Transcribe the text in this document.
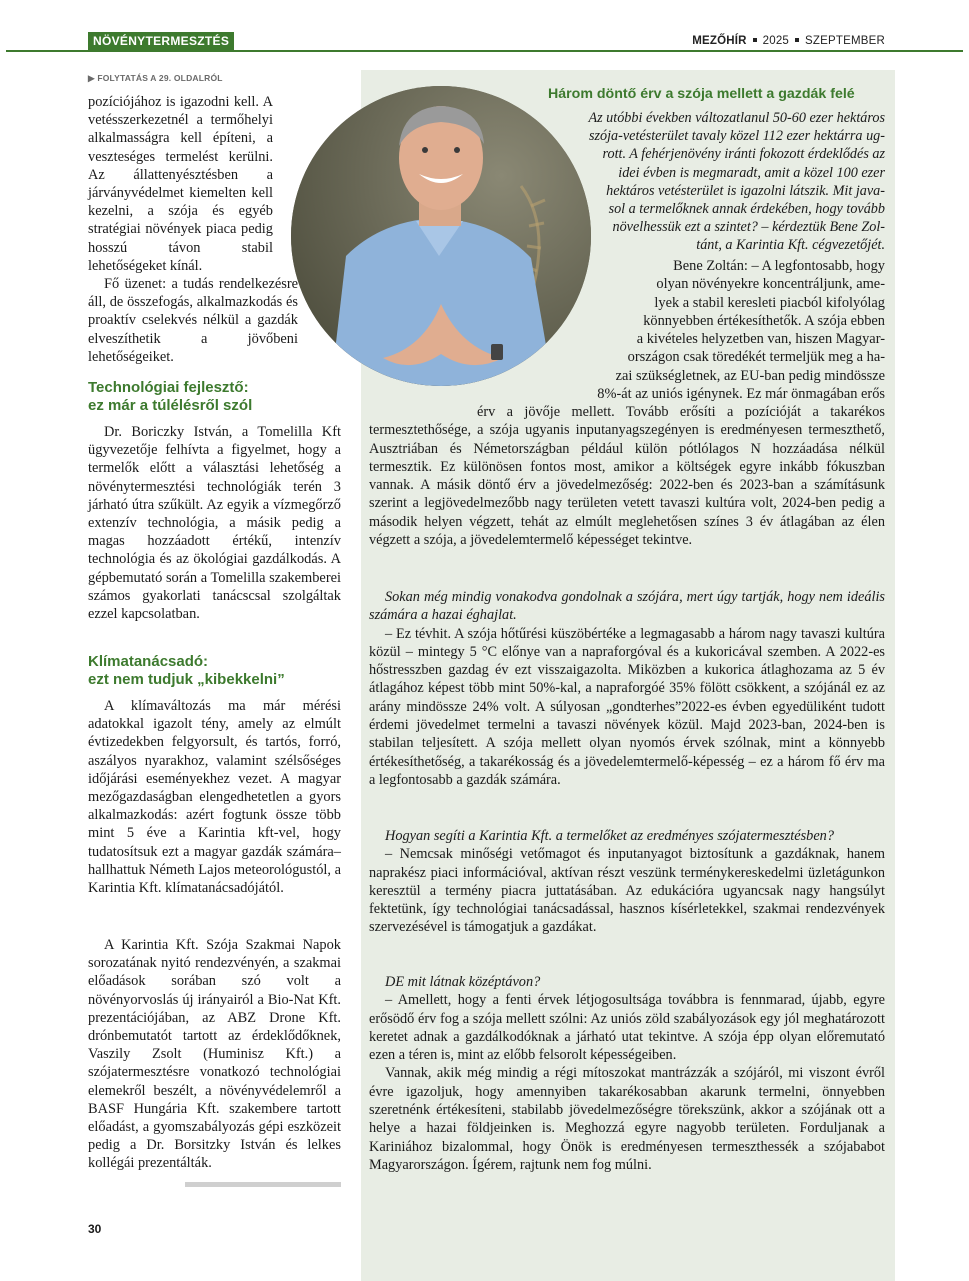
NÖVÉNYTERMESZTÉS	MEZŐHÍR 2025 SZEPTEMBER
▶ FOLYTATÁS A 29. OLDALRÓL

pozíciójához is igazodni kell. A vetésszerkezetnél a termőhelyi alkalmasságra kell építeni, a veszteséges termelést kerülni. Az állattenyésztésben a járványvédelmet kiemelten kell kezelni, a szója és egyéb stratégiai növények piaca pedig hosszú távon stabil lehetőségeket kínál.

Fő üzenet: a tudás rendelkezésre áll, de összefogás, alkalmazkodás és proaktív cselekvés nélkül a gazdák elveszíthetik a jövőbeni lehetőségeiket.

Technológiai fejlesztő:
ez már a túlélésről szól

Dr. Boriczky István, a Tomelilla Kft ügyvezetője felhívta a figyelmet, hogy a termelők előtt a választási lehetőség a növénytermesztési technológiák terén 3 járható útra szűkült. Az egyik a vízmegőrző extenzív technológia, a másik pedig a magas hozzáadott értékű, intenzív technológia és az ökológiai gazdálkodás. A gépbemutató során a Tomelilla szakemberei számos gyakorlati tanácscsal szolgáltak ezzel kapcsolatban.

Klímatanácsadó:
ezt nem tudjuk „kibekkelni”

A klímaváltozás ma már mérési adatokkal igazolt tény, amely az elmúlt évtizedekben felgyorsult, és tartós, forró, aszályos nyarakhoz, valamint szélsőséges időjárási eseményekhez vezet. A magyar mezőgazdaságban elengedhetetlen a gyors alkalmazkodás: azért fogtunk össze több mint 5 éve a Karintia kft-vel, hogy tudatosítsuk ezt a magyar gazdák számára– hallhattuk Németh Lajos meteorológustól, a Karintia Kft. klímatanácsadójától.

A Karintia Kft. Szója Szakmai Napok sorozatának nyitó rendezvényén, a szakmai előadások sorában szó volt a növényorvoslás új irányairól a Bio-Nat Kft. prezentációjában, az ABZ Drone Kft. drónbemutatót tartott az érdeklődőknek, Vaszily Zsolt (Huminisz Kft.) a szójatermesztésre vonatkozó technológiai elemekről beszélt, a növényvédelemről a BASF Hungária Kft. szakembere tartott előadást, a gyomszabályozás gépi eszközeit pedig a Dr. Borsitzky István és lelkes kollégái prezentálták.

30
Három döntő érv a szója mellett a gazdák felé
Az utóbbi években változatlanul 50-60 ezer hektáros
szója-vetésterület tavaly közel 112 ezer hektárra ug-
rott. A fehérjenövény iránti fokozott érdeklődés az
idei évben is megmaradt, amit a közel 100 ezer
hektáros vetésterület is igazolni látszik. Mit java-
sol a termelőknek annak érdekében, hogy tovább
növelhessük ezt a szintet? – kérdeztük Bene Zol-
tánt, a Karintia Kft. cégvezetőjét.
Bene Zoltán: – A legfontosabb, hogy
olyan növényekre koncentráljunk, ame-
lyek a stabil keresleti piacból kifolyólag
könnyebben értékesíthetők. A szója ebben
a kivételes helyzetben van, hiszen Magyar-
országon csak töredékét termeljük meg a ha-
zai szükségletnek, az EU-ban pedig mindössze
8%-át az uniós igénynek. Ez már önmagában erős

érv a jövője mellett. Tovább erősíti a pozícióját a takarékos termesztethősége, a szója ugyanis inputanyagszegényen is eredményesen termeszthető, Ausztriában és Németországban például külön pótlólagos N hozzáadása nélkül termesztik. Ez különösen fontos most, amikor a költségek egyre inkább fókuszban vannak. A másik döntő érv a jövedelmezőség: 2022-ben és 2023-ban a számításunk szerint a legjövedelmezőbb nagy területen vetett tavaszi kultúra volt, 2024-ben pedig a második helyen végzett, tehát az elmúlt meglehetősen színes 3 év átlagában az élen végzett a szója, a jövedelemtermelő képességet tekintve.

Sokan még mindig vonakodva gondolnak a szójára, mert úgy tartják, hogy nem ideális számára a hazai éghajlat.

– Ez tévhit. A szója hőtűrési küszöbértéke a legmagasabb a három nagy tavaszi kultúra közül – mintegy 5 °C előnye van a napraforgóval és a kukoricával szemben. A 2022-es hőstresszben gazdag év ezt visszaigazolta. Miközben a kukorica átlaghozama az 5 év átlagához képest több mint 50%-kal, a napraforgóé 35% fölött csökkent, a szójánál ez az arány mindössze 24% volt. A súlyosan „gondterhes”2022-es évben egyedüliként tudott érdemi jövedelmet termelni a tavaszi növények közül. Majd 2023-ban, 2024-ben is stabilan teljesített. A szója mellett olyan nyomós érvek szólnak, mint a könnyebb értékesíthetőség, a takarékosság és a jövedelemtermelő-képesség – ez a három fő érv ma a legfontosabb a gazdák számára.

Hogyan segíti a Karintia Kft. a termelőket az eredményes szójatermesztésben?

– Nemcsak minőségi vetőmagot és inputanyagot biztosítunk a gazdáknak, hanem naprakész piaci információval, aktívan részt veszünk terménykereskedelmi üzletágunkon keresztül a termény piacra juttatásában. Az edukációra ugyancsak nagy hangsúlyt fektetünk, így technológiai tanácsadással, hasznos kísérletekkel, szakmai rendezvények szervezésével is támogatjuk a gazdákat.

DE mit látnak középtávon?

– Amellett, hogy a fenti érvek létjogosultsága továbbra is fennmarad, újabb, egyre erősödő érv fog a szója mellett szólni: Az uniós zöld szabályozások egy jól meghatározott keretet adnak a gazdálkodóknak a járható utat tekintve. A szója épp olyan előremutató ezen a téren is, mint az előbb felsorolt képességeiben.

Vannak, akik még mindig a régi mítoszokat mantrázzák a szójáról, mi viszont évről évre igazoljuk, hogy amennyiben takarékosabban akarunk termelni, önnyebben szeretnénk értékesíteni, stabilabb jövedelmezőségre törekszünk, akkor a szójának ott a helye a hazai földjeinken is. Meghozzá egyre nagyobb területen. Forduljanak a Kariniához bizalommal, hogy Önök is eredményesen termeszthessék a szójababot Magyarországon. Ígérem, rajtunk nem fog múlni.
